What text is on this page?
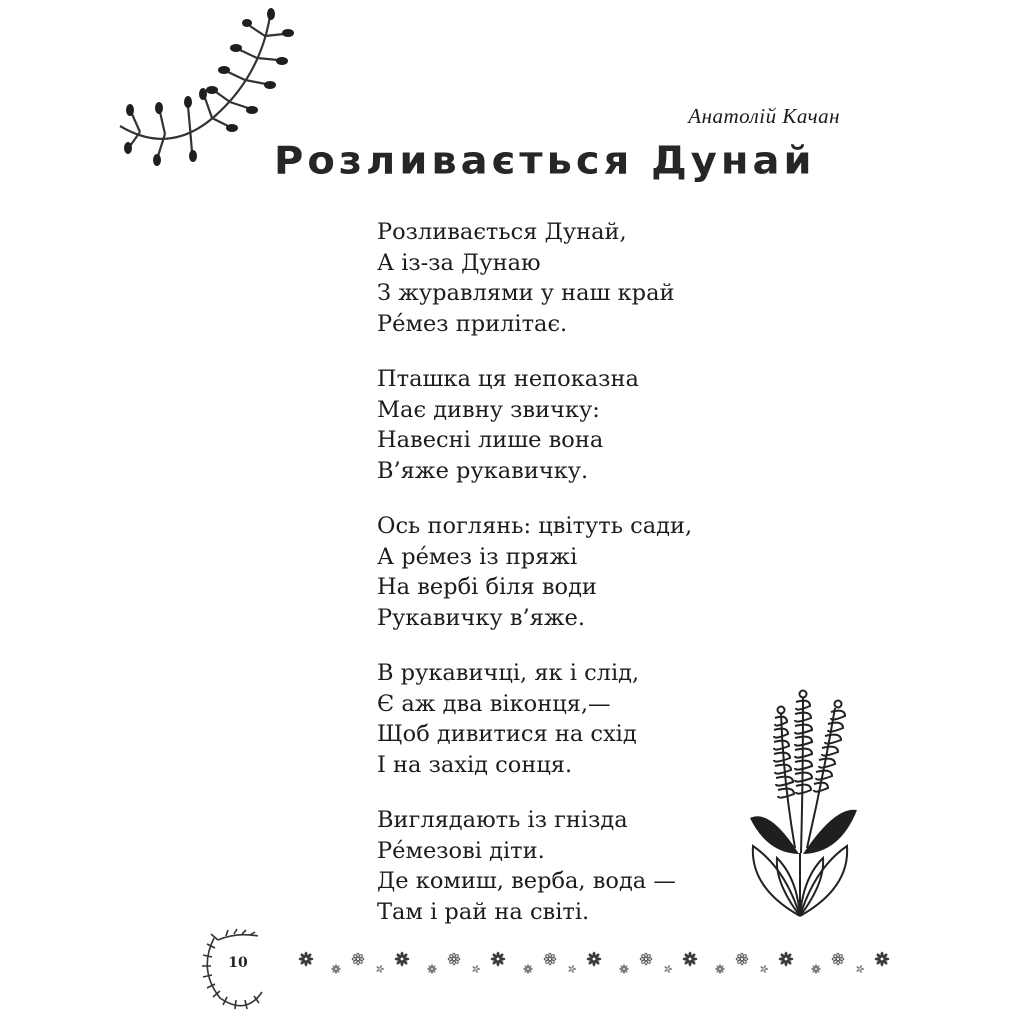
Анатолій Качан
Розливається Дунай
Розливається Дунай,
А із-за Дунаю
З журавлями у наш край
Ре́мез прилітає.
Пташка ця непоказна
Має дивну звичку:
Навесні лише вона
В’яже рукавичку.
Ось поглянь: цвітуть сади,
А ре́мез із пряжі
На вербі біля води
Рукавичку в’яже.
В рукавичці, як і слід,
Є аж два віконця,—
Щоб дивитися на схід
І на захід сонця.
Виглядають із гнізда
Ре́мезові діти.
Де комиш, верба, вода —
Там і рай на світі.
10
